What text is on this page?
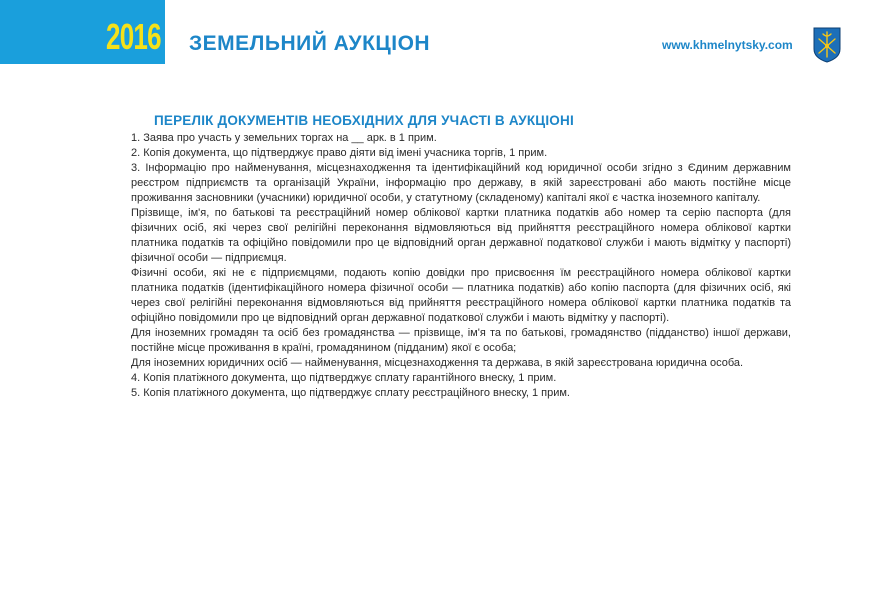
2016 ЗЕМЕЛЬНИЙ АУКЦІОН	www.khmelnytsky.com
ПЕРЕЛІК ДОКУМЕНТІВ НЕОБХІДНИХ ДЛЯ УЧАСТІ В АУКЦІОНІ

1. Заява про участь у земельних торгах на __ арк. в 1 прим.

2. Копія документа, що підтверджує право діяти від імені учасника торгів, 1 прим.

3. Інформацію про найменування, місцезнаходження та ідентифікаційний код юридичної особи згідно з Єдиним державним реєстром підприємств та організацій України, інформацію про державу, в якій зареєстровані або мають постійне місце проживання засновники (учасники) юридичної особи, у статутному (складеному) капіталі якої є частка іноземного капіталу.

Прізвище, ім'я, по батькові та реєстраційний номер облікової картки платника податків або номер та серію паспорта (для фізичних осіб, які через свої релігійні переконання відмовляються від прийняття реєстраційного номера облікової картки платника податків та офіційно повідомили про це відповідний орган державної податкової служби і мають відмітку у паспорті) фізичної особи — підприємця.

Фізичні особи, які не є підприємцями, подають копію довідки про присвоєння їм реєстраційного номера облікової картки платника податків (ідентифікаційного номера фізичної особи — платника податків) або копію паспорта (для фізичних осіб, які через свої релігійні переконання відмовляються від прийняття реєстраційного номера облікової картки платника податків та офіційно повідомили про це відповідний орган державної податкової служби і мають відмітку у паспорті).

Для іноземних громадян та осіб без громадянства — прізвище, ім'я та по батькові, громадянство (підданство) іншої держави, постійне місце проживання в країні, громадянином (підданим) якої є особа;

Для іноземних юридичних осіб — найменування, місцезнаходження та держава, в якій зареєстрована юридична особа.

4. Копія платіжного документа, що підтверджує сплату гарантійного внеску, 1 прим.

5. Копія платіжного документа, що підтверджує сплату реєстраційного внеску, 1 прим.
